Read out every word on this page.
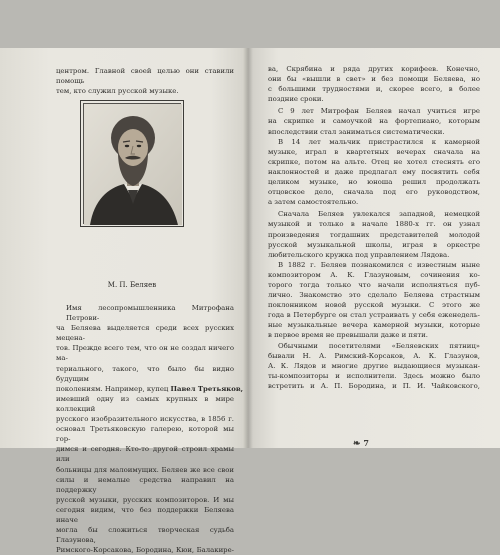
центром. Главной своей целью они ставили помощь
тем, кто служил русской музыке.
М. П. Беляев
Имя лесопромышленника Митрофана Петрови-
ча Беляева выделяется среди всех русских мецена-
тов. Прежде всего тем, что он не создал ничего ма-
териального, такого, что было бы видно будущим
поколениям. Например, купец Павел Третьяков,
имевший одну из самых крупных в мире коллекций
русского изобразительного искусства, в 1856 г.
основал Третьяковскую галерею, которой мы гор-
димся и сегодня. Кто-то другой строил храмы или
больницы для малоимущих. Беляев же все свои
силы и немалые средства направил на поддержку
русской музыки, русских композиторов. И мы
сегодня видим, что без поддержки Беляева иначе
могла бы сложиться творческая судьба Глазунова,
Римского-Корсакова, Бородина, Кюи, Балакире-
ва, Скрябина и ряда других корифеев. Конечно,
они бы «вышли в свет» и без помощи Беляева, но
с большими трудностями и, скорее всего, в более
поздние сроки.
С 9 лет Митрофан Беляев начал учиться игре
на скрипке и самоучкой на фортепиано, которым
впоследствии стал заниматься систематически.
В 14 лет мальчик пристрастился к камерной
музыке, играл в квартетных вечерах сначала на
скрипке, потом на альте. Отец не хотел стеснять его
наклонностей и даже предлагал ему посвятить себя
целиком музыке, но юноша решил продолжать
отцовское дело, сначала под его руководством,
а затем самостоятельно.
Сначала Беляев увлекался западной, немецкой
музыкой и только в начале 1880-х гг. он узнал
произведения тогдашних представителей молодой
русской музыкальной школы, играя в оркестре
любительского кружка под управлением Лядова.
В 1882 г. Беляев познакомился с известным ныне
композитором А. К. Глазуновым, сочинения ко-
торого тогда только что начали исполняться пуб-
лично. Знакомство это сделало Беляева страстным
поклонником новой русской музыки. С этого же
года в Петербурге он стал устраивать у себя еженедель-
ные музыкальные вечера камерной музыки, которые
в первое время не превышали даже и пяти.
Обычными посетителями «Беляевских пятниц»
бывали Н. А. Римский-Корсаков, А. К. Глазунов,
А. К. Лядов и многие другие выдающиеся музыкан-
ты-композиторы и исполнители. Здесь можно было
встретить и А. П. Бородина, и П. И. Чайковского,
❧ 7
